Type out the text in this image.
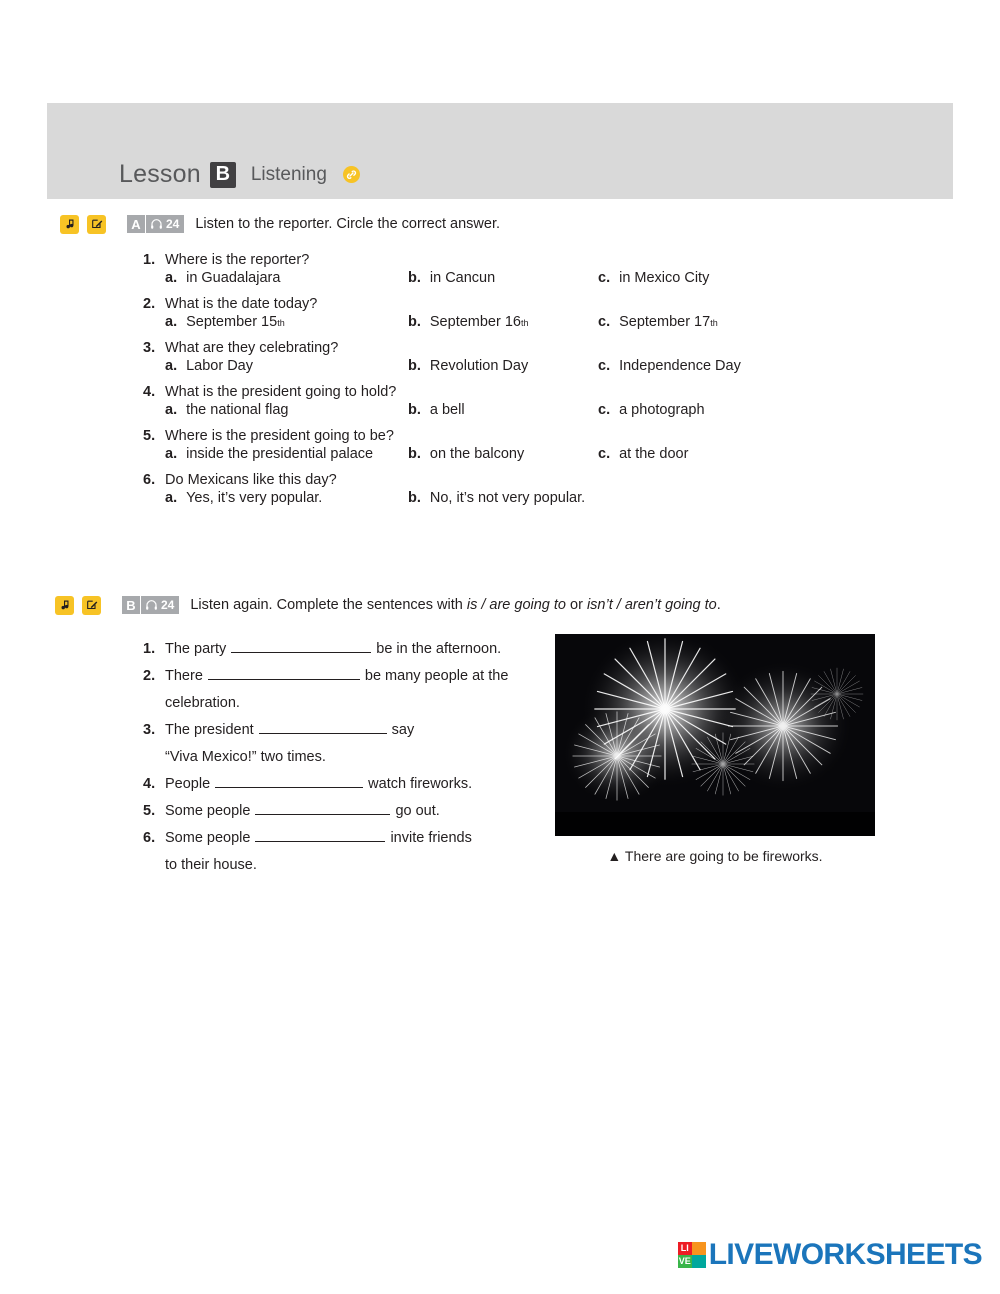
Lesson B	Listening
A	24 Listen to the reporter. Circle the correct answer.
1. Where is the reporter?
a. in Guadalajara	b. in Cancun	c. in Mexico City
2. What is the date today?
a. September 15 th	b. September 16 th	c. September 17 th
3. What are they celebrating?
a. Labor Day	b. Revolution Day	c. Independence Day
4. What is the president going to hold?
a. the national flag	b. a bell	c. a photograph
5. Where is the president going to be?
a. inside the presidential palace b. on the balcony	c. at the door
6. Do Mexicans like this day?
a. Yes, it’s very popular.	b. No, it’s not very popular.
B	24 Listen again. Complete the sentences with is / are going to or isn’t / aren’t going to.
1. The party	be in the afternoon.
2. There	be many people at the
celebration.
3. The president	say
“Viva Mexico!” two times.
4. People	watch fireworks.
5. Some people	go out.
6. Some people	invite friends
to their house.
▲ There are going to be fireworks.
LI
VE LIVEWORKSHEETS
